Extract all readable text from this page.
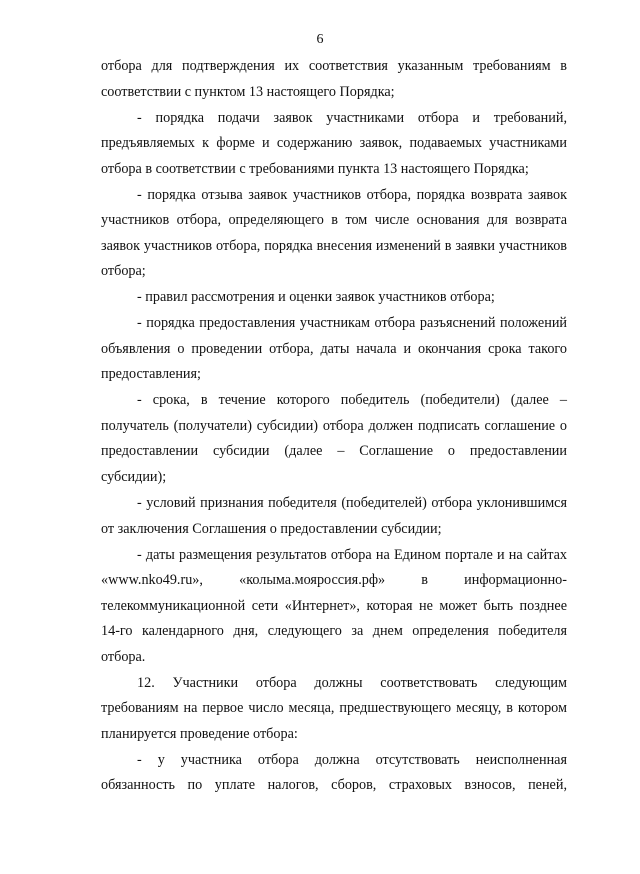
6

отбора для подтверждения их соответствия указанным требованиям в соответствии с пунктом 13 настоящего Порядка;

- порядка подачи заявок участниками отбора и требований, предъявляемых к форме и содержанию заявок, подаваемых участниками отбора в соответствии с требованиями пункта 13 настоящего Порядка;

- порядка отзыва заявок участников отбора, порядка возврата заявок участников отбора, определяющего в том числе основания для возврата заявок участников отбора, порядка внесения изменений в заявки участников отбора;

- правил рассмотрения и оценки заявок участников отбора;

- порядка предоставления участникам отбора разъяснений положений объявления о проведении отбора, даты начала и окончания срока такого предоставления;

- срока, в течение которого победитель (победители) (далее – получатель (получатели) субсидии) отбора должен подписать соглашение о предоставлении субсидии (далее – Соглашение о предоставлении субсидии);

- условий признания победителя (победителей) отбора уклонившимся от заключения Соглашения о предоставлении субсидии;

- даты размещения результатов отбора на Едином портале и на сайтах «www.nko49.ru», «колыма.мояроссия.рф» в информационно-телекоммуникационной сети «Интернет», которая не может быть позднее 14-го календарного дня, следующего за днем определения победителя отбора.

12. Участники отбора должны соответствовать следующим требованиям на первое число месяца, предшествующего месяцу, в котором планируется проведение отбора:

- у участника отбора должна отсутствовать неисполненная обязанность по уплате налогов, сборов, страховых взносов, пеней,
